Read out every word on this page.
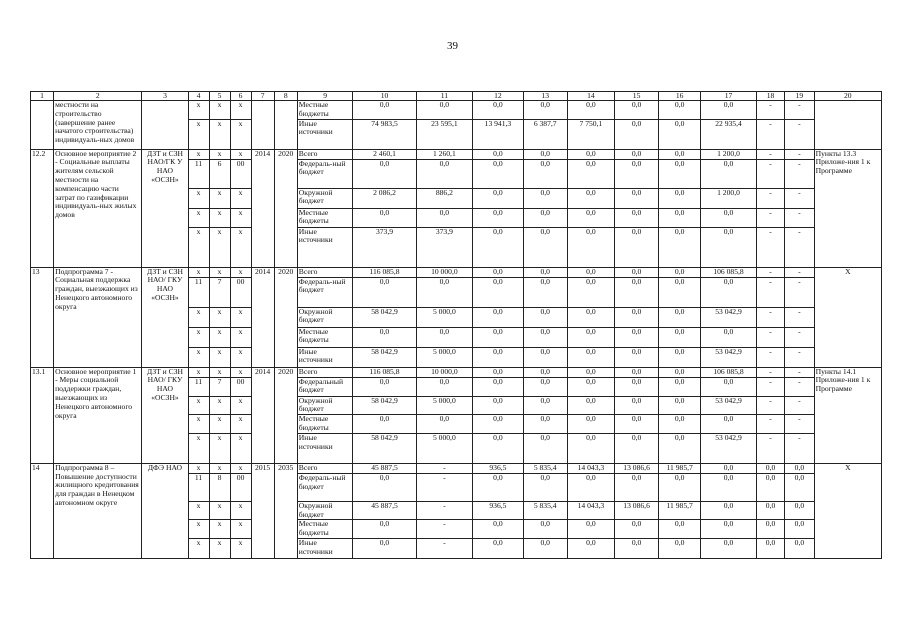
39
1	2	3	4	5	6	7	8	9	10	11	12	13	14	15	16	17	18	19	20
	местности на строительство (завершение ранее начатого строительства) индивидуаль-ных домов		x	x	x			Местные бюджеты	0,0	0,0	0,0	0,0	0,0	0,0	0,0	0,0	-	-	
			x	x	x			Иные источники	74 983,5	23 595,1	13 941,3	6 387,7	7 750,1	0,0	0,0	22 935,4	-	-	
12.2	Основное мероприятие 2 - Социальные выплаты жителям сельской местности на компенсацию части затрат по газификации индивидуаль-ных жилых домов	ДЗТ и СЗН НАО/ГК У НАО «ОСЗН»	x	x	x	2014	2020	Всего	2 460,1	1 260,1	0,0	0,0	0,0	0,0	0,0	1 200,0	-	-	Пункты 13.3 Приложе-ния 1 к Программе
			11	6	00			Федераль-ный бюджет	0,0	0,0	0,0	0,0	0,0	0,0	0,0	0,0	-	-	
			x	x	x			Окружной бюджет	2 086,2	886,2	0,0	0,0	0,0	0,0	0,0	1 200,0	-	-	
			x	x	x			Местные бюджеты	0,0	0,0	0,0	0,0	0,0	0,0	0,0	0,0	-	-	
			x	x	x			Иные источники	373,9	373,9	0,0	0,0	0,0	0,0	0,0	0,0	-	-	
13	Подпрограмма 7 - Социальная поддержка граждан, выезжающих из Ненецкого автономного округа	ДЗТ и СЗН НАО/ ГКУ НАО «ОСЗН»	x	x	x	2014	2020	Всего	116 085,8	10 000,0	0,0	0,0	0,0	0,0	0,0	106 085,8	-	-	X
			11	7	00			Федераль-ный бюджет	0,0	0,0	0,0	0,0	0,0	0,0	0,0	0,0	-	-	
			x	x	x			Окружной бюджет	58 042,9	5 000,0	0,0	0,0	0,0	0,0	0,0	53 042,9	-	-	
			x	x	x			Местные бюджеты	0,0	0,0	0,0	0,0	0,0	0,0	0,0	0,0	-	-	
			x	x	x			Иные источники	58 042,9	5 000,0	0,0	0,0	0,0	0,0	0,0	53 042,9	-	-	
13.1	Основное мероприятие 1 - Меры социальной поддержки граждан, выезжающих из Ненецкого автономного округа	ДЗТ и СЗН НАО/ ГКУ НАО «ОСЗН»	x	x	x	2014	2020	Всего	116 085,8	10 000,0	0,0	0,0	0,0	0,0	0,0	106 085,8	-	-	Пункты 14.1 Приложе-ния 1 к Программе
			11	7	00			Федеральный бюджет	0,0	0,0	0,0	0,0	0,0	0,0	0,0	0,0	-	-	
			x	x	x			Окружной бюджет	58 042,9	5 000,0	0,0	0,0	0,0	0,0	0,0	53 042,9	-	-	
			x	x	x			Местные бюджеты	0,0	0,0	0,0	0,0	0,0	0,0	0,0	0,0	-	-	
			x	x	x			Иные источники	58 042,9	5 000,0	0,0	0,0	0,0	0,0	0,0	53 042,9	-	-	
14	Подпрограмма 8 – Повышение доступности жилищного кредитования для граждан в Ненецком автономном округе	ДФЭ НАО	x	x	x	2015	2035	Всего	45 887,5	-	936,5	5 835,4	14 043,3	13 086,6	11 985,7	0,0	0,0	0,0	X
			11	8	00			Федераль-ный бюджет	0,0	-	0,0	0,0	0,0	0,0	0,0	0,0	0,0	0,0	
			x	x	x			Окружной бюджет	45 887,5	-	936,5	5 835,4	14 043,3	13 086,6	11 985,7	0,0	0,0	0,0	
			x	x	x			Местные бюджеты	0,0	-	0,0	0,0	0,0	0,0	0,0	0,0	0,0	0,0	
			x	x	x			Иные источники	0,0	-	0,0	0,0	0,0	0,0	0,0	0,0	0,0	0,0	
